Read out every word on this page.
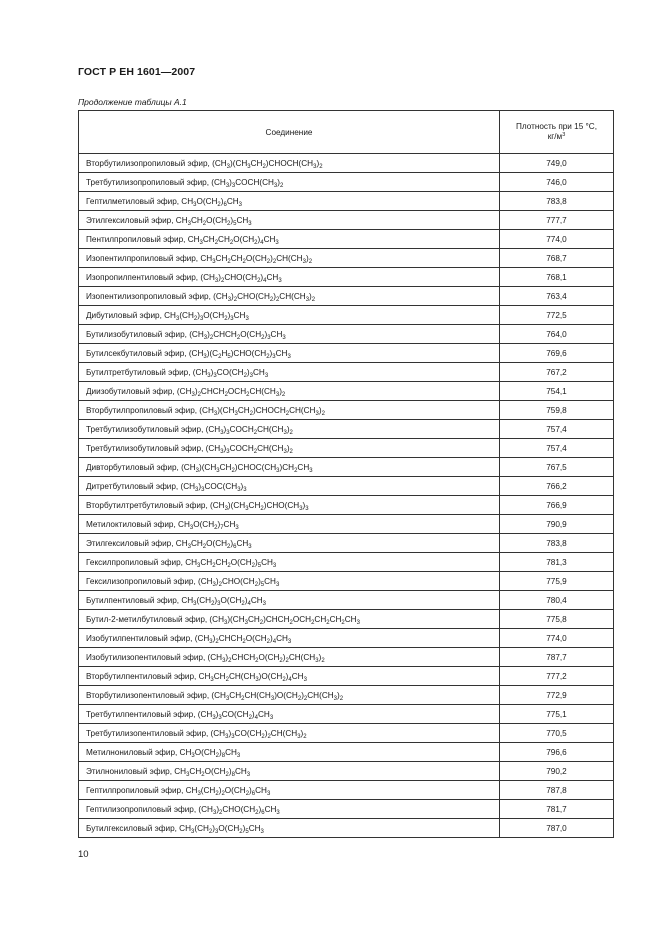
ГОСТ Р ЕН 1601—2007
Продолжение таблицы А.1
Соединение	Плотность при 15 °С,
$кг/м^3$
Вторбутилизопропиловый эфир, $(CH_3)(CH_3CH_2)CHOCH(CH_3)_2$	749,0
Третбутилизопропиловый эфир, $(CH_3)_3COCH(CH_3)_2$	746,0
Гептилметиловый эфир, $CH_3O(CH_2)_6CH_3$	783,8
Этилгексиловый эфир, $CH_3CH_2O(CH_2)_5CH_3$	777,7
Пентилпропиловый эфир, $CH_3CH_2CH_2O(CH_2)_4CH_3$	774,0
Изопентилпропиловый эфир, $CH_3CH_2CH_2O(CH_2)_2CH(CH_3)_2$	768,7
Изопропилпентиловый эфир, $(CH_3)_2CHO(CH_2)_4CH_3$	768,1
Изопентилизопропиловый эфир, $(CH_3)_2CHO(CH_2)_2CH(CH_3)_2$	763,4
Дибутиловый эфир, $CH_3(CH_2)_3O(CH_2)_3CH_3$	772,5
Бутилизобутиловый эфир, $(CH_3)_2CHCH_2O(CH_2)_3CH_3$	764,0
Бутилсекбутиловый эфир, $(CH_3)(C_2H_5)CHO(CH_2)_3CH_3$	769,6
Бутилтретбутиловый эфир, $(CH_3)_3CO(CH_2)_3CH_3$	767,2
Диизобутиловый эфир, $(CH_3)_2CHCH_2OCH_2CH(CH_3)_2$	754,1
Вторбутилпропиловый эфир, $(CH_3)(CH_3CH_2)CHOCH_2CH(CH_3)_2$	759,8
Третбутилизобутиловый эфир, $(CH_3)_3COCH_2CH(CH_3)_2$	757,4
Третбутилизобутиловый эфир, $(CH_3)_3COCH_2CH(CH_3)_2$	757,4
Дивторбутиловый эфир, $(CH_3)(CH_3CH_2)CHOC(CH_3)CH_2CH_3$	767,5
Дитретбутиловый эфир, $(CH_3)_3COC(CH_3)_3$	766,2
Вторбутилтретбутиловый эфир, $(CH_3)(CH_3CH_2)CHO(CH_3)_3$	766,9
Метилоктиловый эфир, $CH_3O(CH_2)_7CH_3$	790,9
Этилгексиловый эфир, $CH_3CH_2O(CH_2)_6CH_3$	783,8
Гексилпропиловый эфир, $CH_3CH_2CH_2O(CH_2)_5CH_3$	781,3
Гексилизопропиловый эфир, $(CH_3)_2CHO(CH_2)_5CH_3$	775,9
Бутилпентиловый эфир, $CH_3(CH_2)_3O(CH_2)_4CH_3$	780,4
Бутил-2-метилбутиловый эфир, $(CH_3)(CH_3CH_2)CHCH_2OCH_2CH_2CH_2CH_3$	775,8
Изобутилпентиловый эфир, $(CH_3)_2CHCH_2O(CH_2)_4CH_3$	774,0
Изобутилизопентиловый эфир, $(CH_3)_2CHCH_2O(CH_2)_2CH(CH_3)_2$	787,7
Вторбутилпентиловый эфир, $CH_3CH_2CH(CH_3)O(CH_2)_4CH_3$	777,2
Вторбутилизопентиловый эфир, ($CH_3CH_2CH(CH_3)O(CH_2)_2CH(CH_3)_2$	772,9
Третбутилпентиловый эфир, $(CH_3)_3CO(CH_2)_4CH_3$	775,1
Третбутилизопентиловый эфир, $(CH_3)_3CO(CH_2)_2CH(CH_3)_2$	770,5
Метилнониловый эфир, $CH_3O(CH_2)_8CH_3$	796,6
Этилнониловый эфир, $CH_3CH_2O(CH_2)_8CH_3$	790,2
Гептилпропиловый эфир, $CH_3(CH_2)_2O(CH_2)_6CH_3$	787,8
Гептилизопропиловый эфир, $(CH_3)_2CHO(CH_2)_6CH_3$	781,7
Бутилгексиловый эфир, $CH_3(CH_2)_3O(CH_2)_5CH_3$	787,0
10
